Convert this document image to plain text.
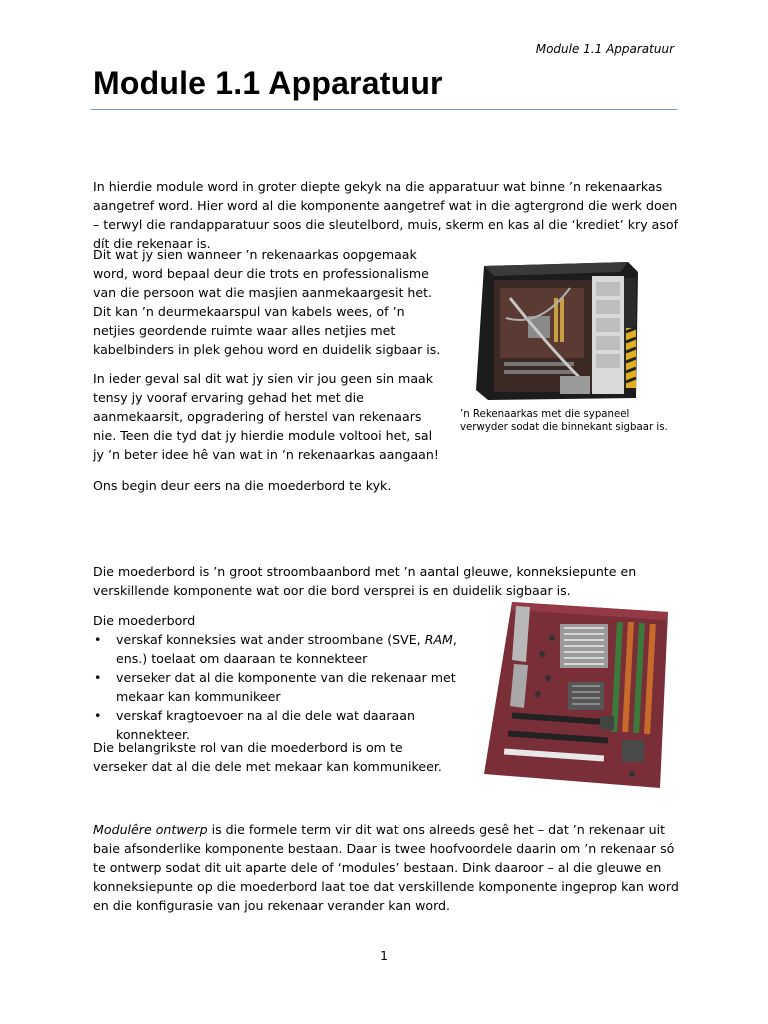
Module 1.1 Apparatuur
Module 1.1 Apparatuur

In hierdie module word in groter diepte gekyk na die apparatuur wat binne ’n rekenaarkas aangetref word. Hier word al die komponente aangetref wat in die agtergrond die werk doen – terwyl die randapparatuur soos die sleutelbord, muis, skerm en kas al die ‘krediet’ kry asof dít die rekenaar is.

Dit wat jy sien wanneer ’n rekenaarkas oopgemaak word, word bepaal deur die trots en professionalisme van die persoon wat die masjien aanmekaargesit het. Dit kan ’n deurmekaarspul van kabels wees, of ’n netjies geordende ruimte waar alles netjies met kabelbinders in plek gehou word en duidelik sigbaar is.

In ieder geval sal dit wat jy sien vir jou geen sin maak tensy jy vooraf ervaring gehad het met die aanmekaarsit, opgradering of herstel van rekenaars nie. Teen die tyd dat jy hierdie module voltooi het, sal jy ’n beter idee hê van wat in ’n rekenaarkas aangaan!

Ons begin deur eers na die moederbord te kyk.

’n Rekenaarkas met die sypaneel verwyder sodat die binnekant sigbaar is.

Die moederbord is ’n groot stroombaanbord met ’n aantal gleuwe, konneksiepunte en verskillende komponente wat oor die bord versprei is en duidelik sigbaar is.

Die moederbord

• verskaf konneksies wat ander stroombane (SVE, RAM, ens.) toelaat om daaraan te konnekteer
• verseker dat al die komponente van die rekenaar met mekaar kan kommunikeer
• verskaf kragtoevoer na al die dele wat daaraan konnekteer.

Die belangrikste rol van die moederbord is om te verseker dat al die dele met mekaar kan kommunikeer.

Modulêre ontwerp is die formele term vir dit wat ons alreeds gesê het – dat ’n rekenaar uit baie afsonderlike komponente bestaan. Daar is twee hoofvoordele daarin om ’n rekenaar só te ontwerp sodat dit uit aparte dele of ‘modules’ bestaan. Dink daaroor – al die gleuwe en konneksiepunte op die moederbord laat toe dat verskillende komponente ingeprop kan word en die konfigurasie van jou rekenaar verander kan word.

1
